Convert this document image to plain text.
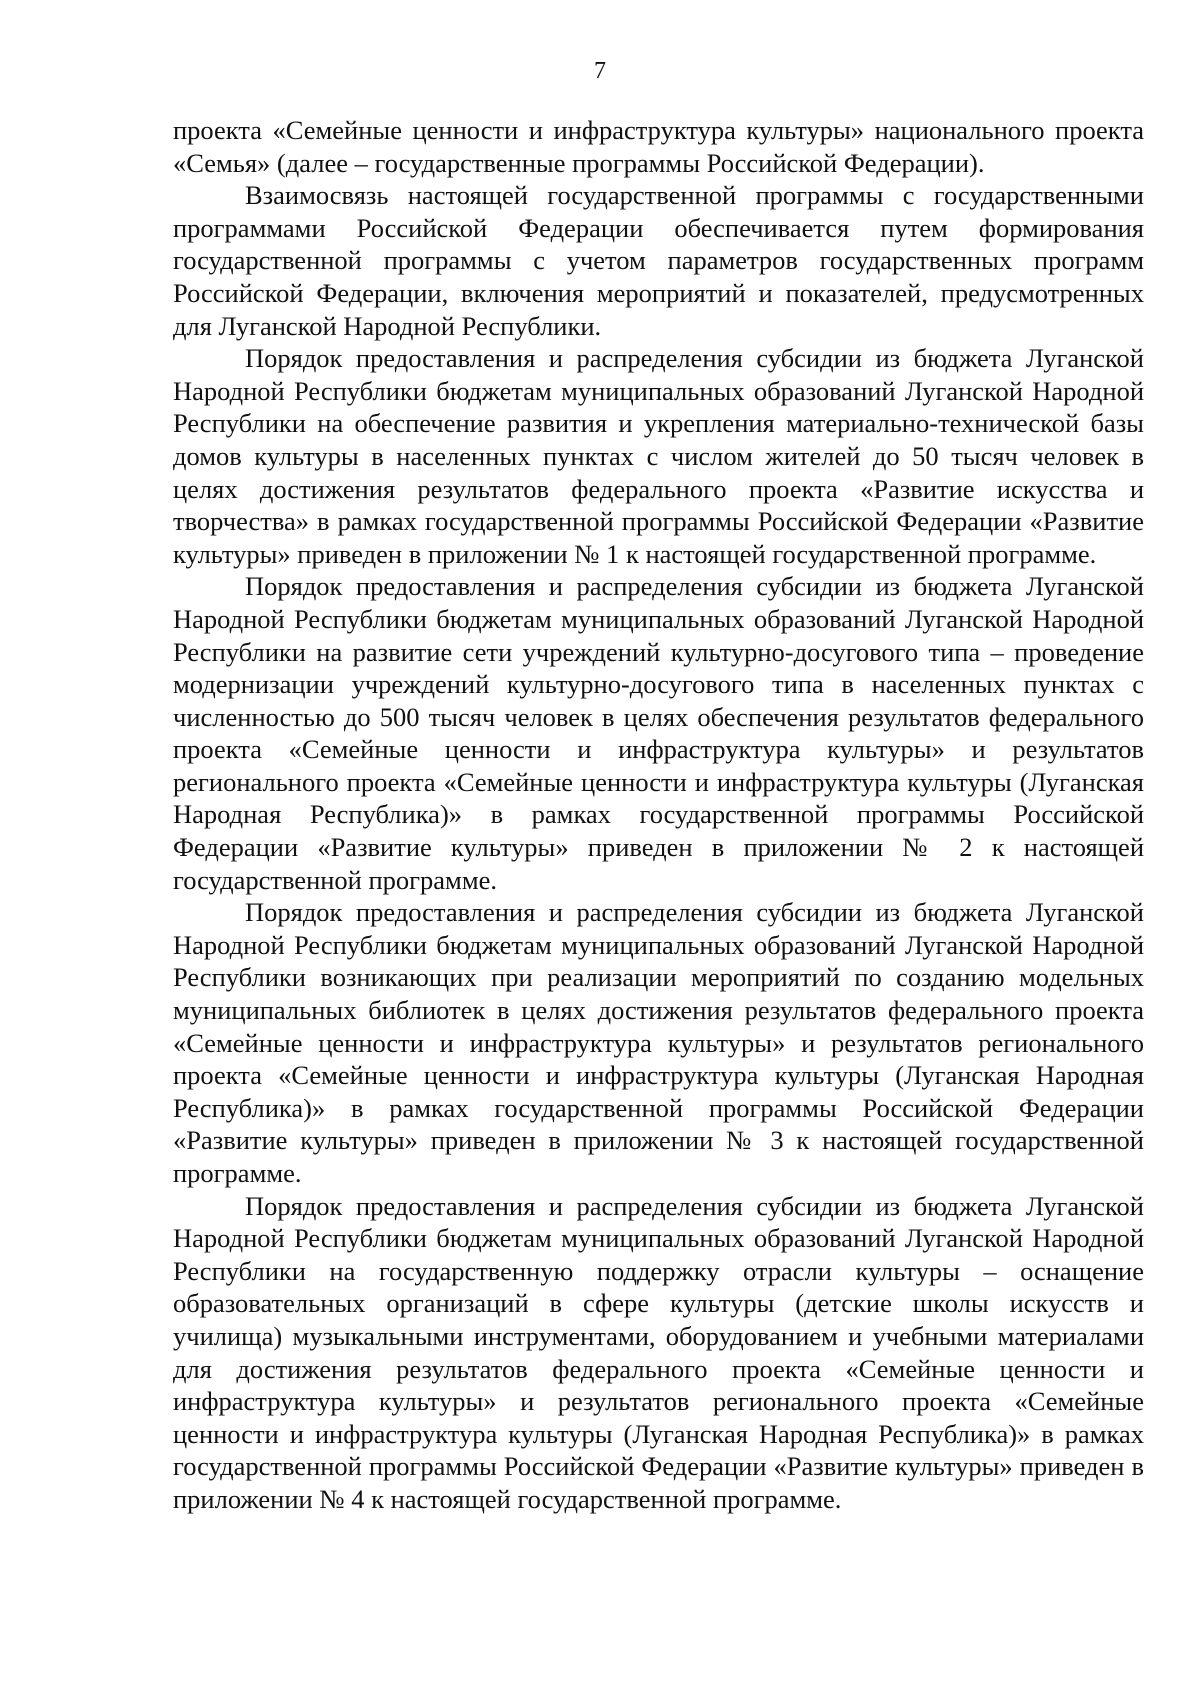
7

проекта «Семейные ценности и инфраструктура культуры» национального проекта «Семья» (далее – государственные программы Российской Федерации).

Взаимосвязь настоящей государственной программы с государственными программами Российской Федерации обеспечивается путем формирования государственной программы с учетом параметров государственных программ Российской Федерации, включения мероприятий и показателей, предусмотренных для Луганской Народной Республики.

Порядок предоставления и распределения субсидии из бюджета Луганской Народной Республики бюджетам муниципальных образований Луганской Народной Республики на обеспечение развития и укрепления материально-технической базы домов культуры в населенных пунктах с числом жителей до 50 тысяч человек в целях достижения результатов федерального проекта «Развитие искусства и творчества» в рамках государственной программы Российской Федерации «Развитие культуры» приведен в приложении № 1 к настоящей государственной программе.

Порядок предоставления и распределения субсидии из бюджета Луганской Народной Республики бюджетам муниципальных образований Луганской Народной Республики на развитие сети учреждений культурно-досугового типа – проведение модернизации учреждений культурно-досугового типа в населенных пунктах с численностью до 500 тысяч человек в целях обеспечения результатов федерального проекта «Семейные ценности и инфраструктура культуры» и результатов регионального проекта «Семейные ценности и инфраструктура культуры (Луганская Народная Республика)» в рамках государственной программы Российской Федерации «Развитие культуры» приведен в приложении № 2 к настоящей государственной программе.

Порядок предоставления и распределения субсидии из бюджета Луганской Народной Республики бюджетам муниципальных образований Луганской Народной Республики возникающих при реализации мероприятий по созданию модельных муниципальных библиотек в целях достижения результатов федерального проекта «Семейные ценности и инфраструктура культуры» и результатов регионального проекта «Семейные ценности и инфраструктура культуры (Луганская Народная Республика)» в рамках государственной программы Российской Федерации «Развитие культуры» приведен в приложении № 3 к настоящей государственной программе.

Порядок предоставления и распределения субсидии из бюджета Луганской Народной Республики бюджетам муниципальных образований Луганской Народной Республики на государственную поддержку отрасли культуры – оснащение образовательных организаций в сфере культуры (детские школы искусств и училища) музыкальными инструментами, оборудованием и учебными материалами для достижения результатов федерального проекта «Семейные ценности и инфраструктура культуры» и результатов регионального проекта «Семейные ценности и инфраструктура культуры (Луганская Народная Республика)» в рамках государственной программы Российской Федерации «Развитие культуры» приведен в приложении № 4 к настоящей государственной программе.
